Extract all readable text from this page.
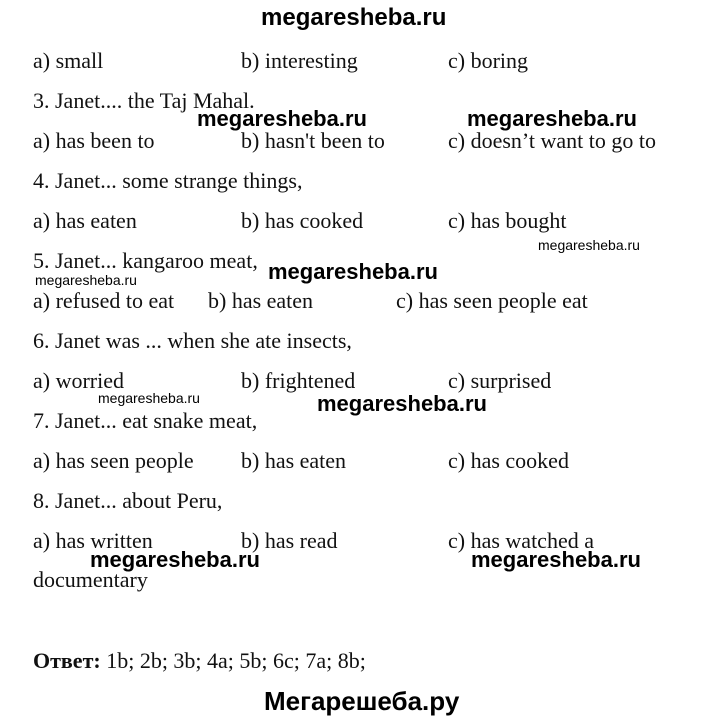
megaresheba.ru
a) small	b) interesting	c) boring
3. Janet.... the Taj Mahal.
megaresheba.ru	megaresheba.ru
a) has been to	b) hasn't been to	c) doesn’t want to go to
4. Janet... some strange things,
a) has eaten	b) has cooked	c) has bought
megaresheba.ru
5. Janet... kangaroo meat, megaresheba.ru
megaresheba.ru
a) refused to eat b) has eaten	c) has seen people eat
6. Janet was ... when she ate insects,
a) worried	b) frightened	c) surprised
megaresheba.ru	megaresheba.ru
7. Janet... eat snake meat,
a) has seen people b) has eaten	c) has cooked
8. Janet... about Peru,
a) has written	b) has read	c) has watched a
megaresheba.ru	megaresheba.ru
documentary
Ответ: 1b; 2b; 3b; 4a; 5b; 6c; 7a; 8b;
Мегарешеба.ру
